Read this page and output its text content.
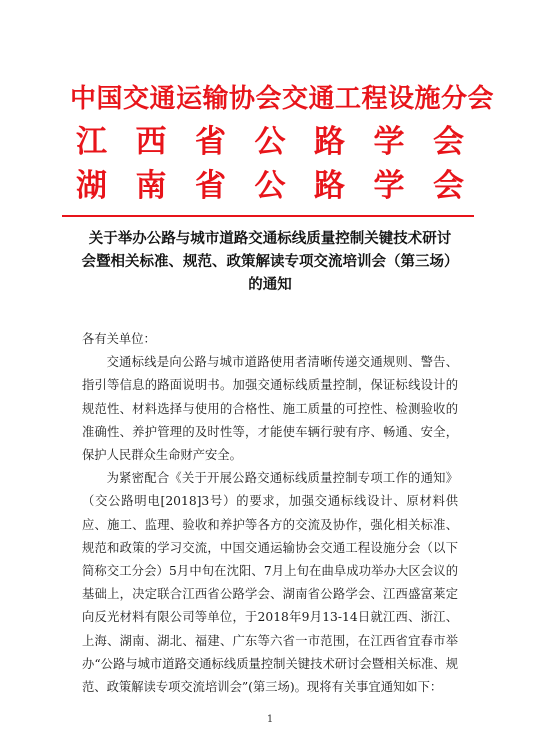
中国交通运输协会交通工程设施分会
江 西 省 公 路 学 会
湖 南 省 公 路 学 会
关于举办公路与城市道路交通标线质量控制关键技术研讨
会暨相关标准、规范、政策解读专项交流培训会（第三场）
的通知

各有关单位：

交通标线是向公路与城市道路使用者清晰传递交通规则、警告、指引等信息的路面说明书。加强交通标线质量控制，保证标线设计的规范性、材料选择与使用的合格性、施工质量的可控性、检测验收的准确性、养护管理的及时性等，才能使车辆行驶有序、畅通、安全，保护人民群众生命财产安全。

为紧密配合《关于开展公路交通标线质量控制专项工作的通知》（交公路明电[2018]3号）的要求，加强交通标线设计、原材料供应、施工、监理、验收和养护等各方的交流及协作，强化相关标准、规范和政策的学习交流，中国交通运输协会交通工程设施分会（以下简称交工分会）5月中旬在沈阳、7月上旬在曲阜成功举办大区会议的基础上，决定联合江西省公路学会、湖南省公路学会、江西盛富莱定向反光材料有限公司等单位，于2018年9月13-14日就江西、浙江、上海、湖南、湖北、福建、广东等六省一市范围，在江西省宜春市举办“公路与城市道路交通标线质量控制关键技术研讨会暨相关标准、规范、政策解读专项交流培训会”(第三场)。现将有关事宜通知如下：

1
